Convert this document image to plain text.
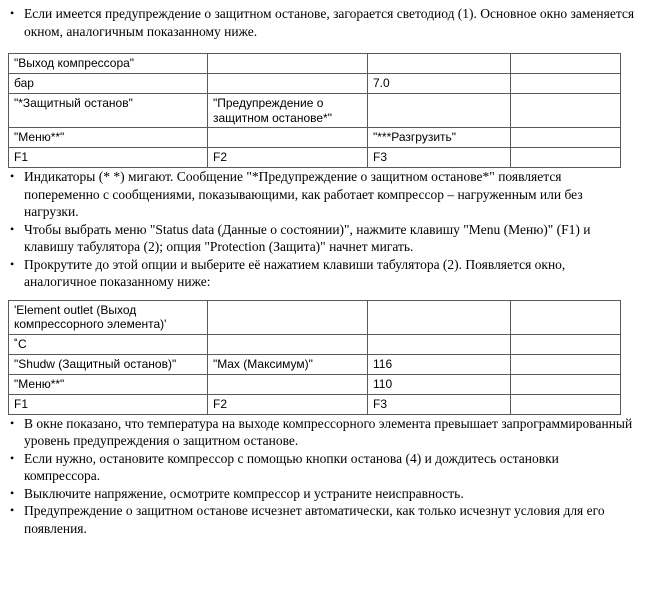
• Если имеется предупреждение о защитном останове, загорается светодиод (1). Основное окно заменяется окном, аналогичным показанному ниже.
"Выход компрессора"			
бар		7.0	
"*Защитный останов"	"Предупреждение о защитном останове*"		
"Меню**"		"***Разгрузить"	
F1	F2	F3	
• Индикаторы (* *) мигают. Сообщение "*Предупреждение о защитном останове*" появляется попеременно с сообщениями, показывающими, как работает компрессор – нагруженным или без нагрузки.
• Чтобы выбрать меню "Status data (Данные о состоянии)", нажмите клавишу "Menu (Меню)" (F1) и клавишу табулятора (2); опция "Protection (Защита)" начнет мигать.
• Прокрутите до этой опции и выберите её нажатием клавиши табулятора (2). Появляется окно, аналогичное показанному ниже:
'Element outlet (Выход компрессорного элемента)'			
˚C			
"Shudw (Защитный останов)"	"Max (Максимум)"	116	
"Меню**"		110	
F1	F2	F3	
• В окне показано, что температура на выходе компрессорного элемента превышает запрограммированный уровень предупреждения о защитном останове.
• Если нужно, остановите компрессор с помощью кнопки останова (4) и дождитесь остановки компрессора.
• Выключите напряжение, осмотрите компрессор и устраните неисправность.
• Предупреждение о защитном останове исчезнет автоматически, как только исчезнут условия для его появления.
